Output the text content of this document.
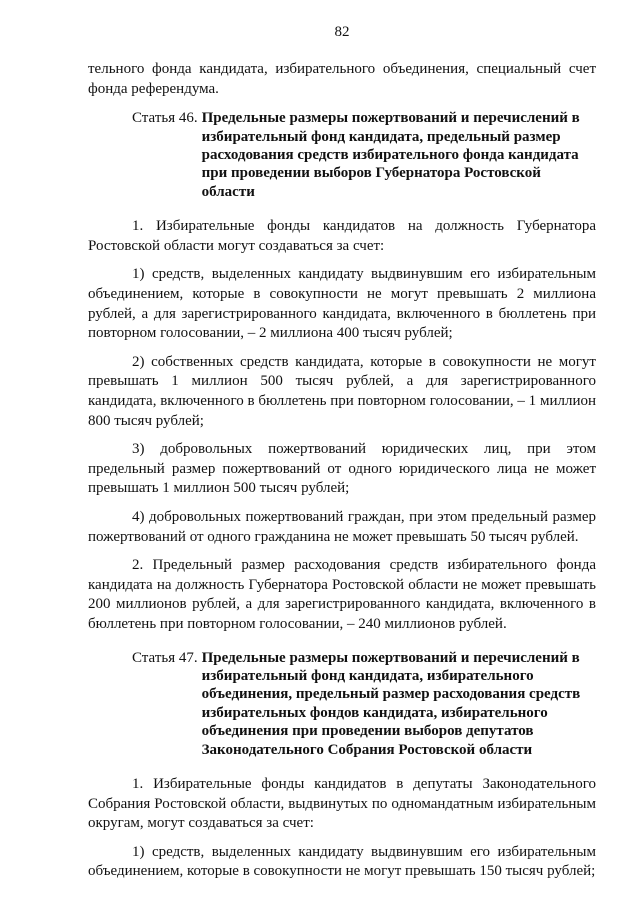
82

тельного фонда кандидата, избирательного объединения, специальный счет фонда референдума.

Статья 46. Предельные размеры пожертвований и перечислений в избирательный фонд кандидата, предельный размер расходования средств избирательного фонда кандидата при проведении выборов Губернатора Ростовской области

1. Избирательные фонды кандидатов на должность Губернатора Ростовской области могут создаваться за счет:

1) средств, выделенных кандидату выдвинувшим его избирательным объединением, которые в совокупности не могут превышать 2 миллиона рублей, а для зарегистрированного кандидата, включенного в бюллетень при повторном голосовании, – 2 миллиона 400 тысяч рублей;

2) собственных средств кандидата, которые в совокупности не могут превышать 1 миллион 500 тысяч рублей, а для зарегистрированного кандидата, включенного в бюллетень при повторном голосовании, – 1 миллион 800 тысяч рублей;

3) добровольных пожертвований юридических лиц, при этом предельный размер пожертвований от одного юридического лица не может превышать 1 миллион 500 тысяч рублей;

4) добровольных пожертвований граждан, при этом предельный размер пожертвований от одного гражданина не может превышать 50 тысяч рублей.

2. Предельный размер расходования средств избирательного фонда кандидата на должность Губернатора Ростовской области не может превышать 200 миллионов рублей, а для зарегистрированного кандидата, включенного в бюллетень при повторном голосовании, – 240 миллионов рублей.

Статья 47. Предельные размеры пожертвований и перечислений в избирательный фонд кандидата, избирательного объединения, предельный размер расходования средств избирательных фондов кандидата, избирательного объединения при проведении выборов депутатов Законодательного Собрания Ростовской области

1. Избирательные фонды кандидатов в депутаты Законодательного Собрания Ростовской области, выдвинутых по одномандатным избирательным округам, могут создаваться за счет:

1) средств, выделенных кандидату выдвинувшим его избирательным объединением, которые в совокупности не могут превышать 150 тысяч рублей;
